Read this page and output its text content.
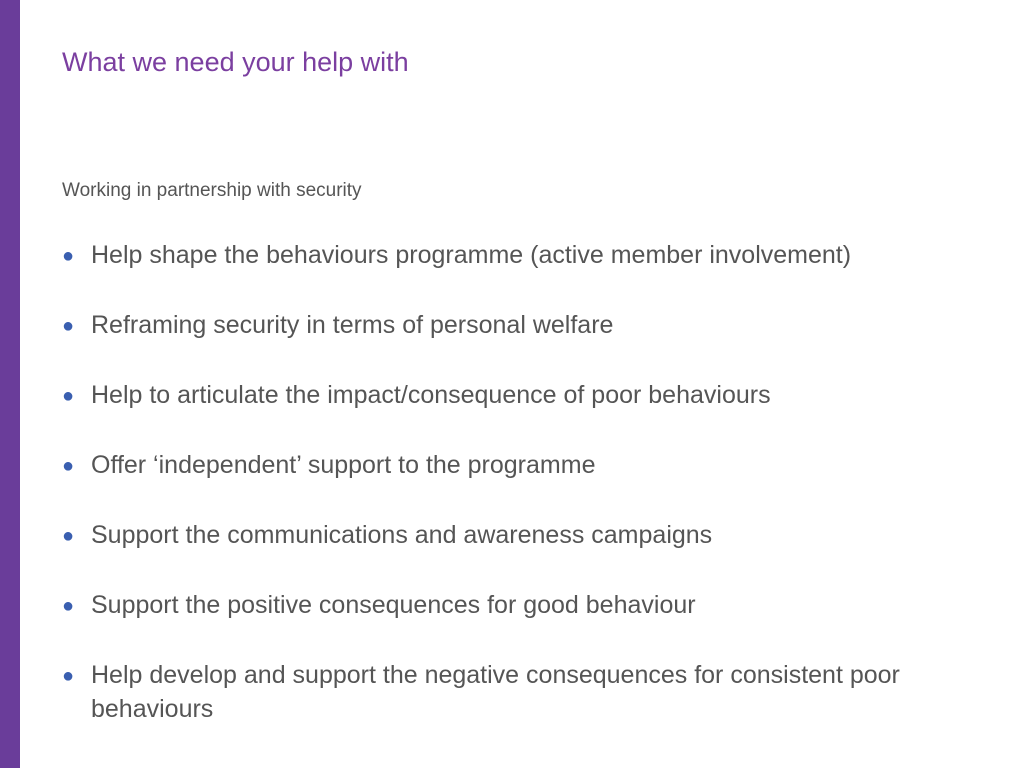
What we need your help with

Working in partnership with security

● Help shape the behaviours programme (active member involvement)
● Reframing security in terms of personal welfare
● Help to articulate the impact/consequence of poor behaviours
● Offer ‘independent’ support to the programme
● Support the communications and awareness campaigns
● Support the positive consequences for good behaviour
● Help develop and support the negative consequences for consistent poor behaviours
